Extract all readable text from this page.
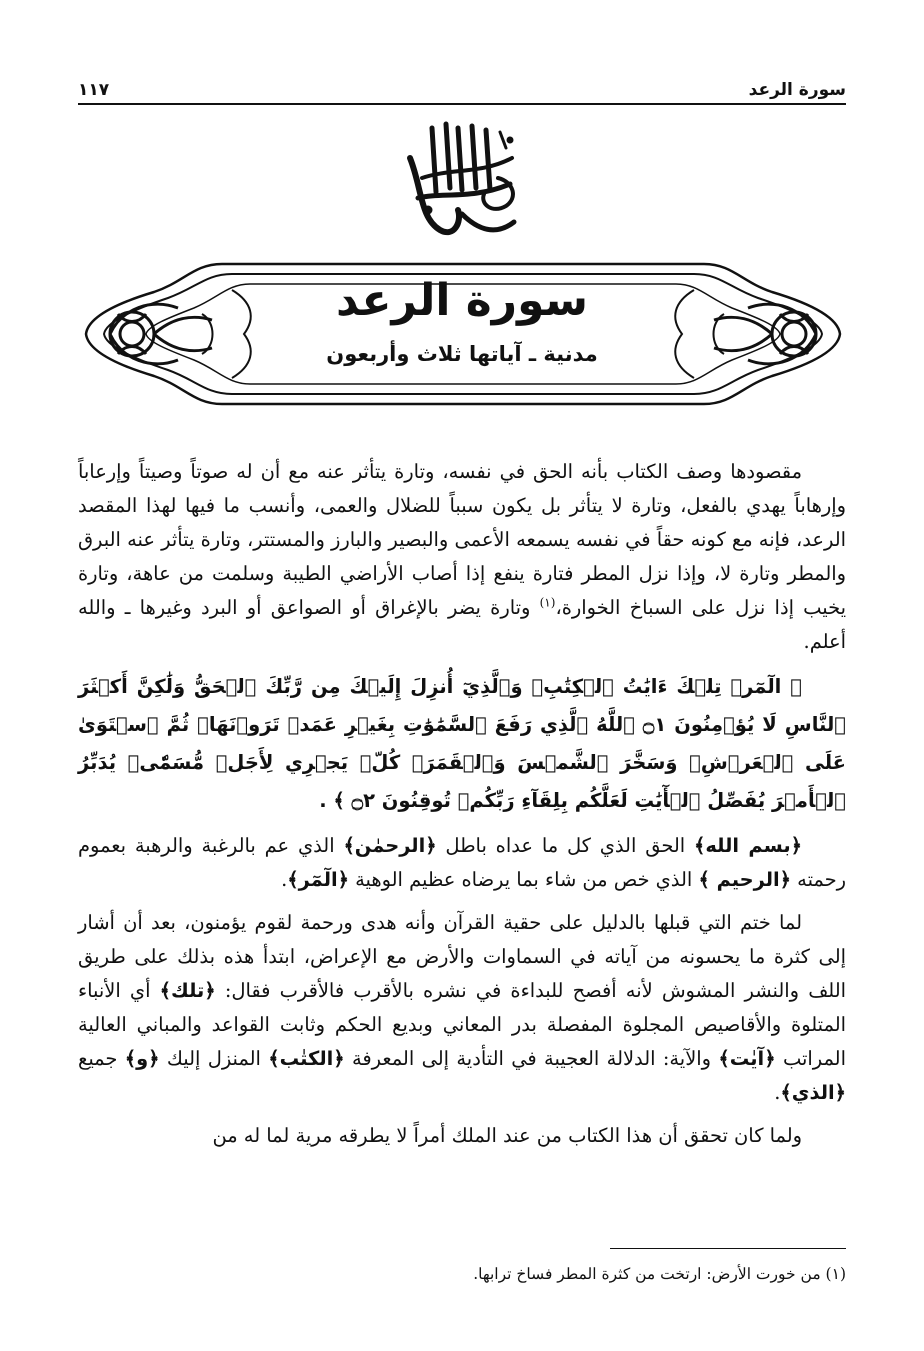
سورة الرعد
١١٧
سورة الرعد
مدنية ـ آياتها ثلاث وأربعون

مقصودها وصف الكتاب بأنه الحق في نفسه، وتارة يتأثر عنه مع أن له صوتاً وصيتاً وإرعاباً وإرهاباً يهدي بالفعل، وتارة لا يتأثر بل يكون سبباً للضلال والعمى، وأنسب ما فيها لهذا المقصد الرعد، فإنه مع كونه حقاً في نفسه يسمعه الأعمى والبصير والبارز والمستتر، وتارة يتأثر عنه البرق والمطر وتارة لا، وإذا نزل المطر فتارة ينفع إذا أصاب الأراضي الطيبة وسلمت من عاهة، وتارة يخيب إذا نزل على السباخ الخوارة،$^{(١)}$ وتارة يضر بالإغراق أو الصواعق أو البرد وغيرها ـ والله أعلم.

﴿ الٓمٓرۚ تِلۡكَ ءَايَٰتُ ٱلۡكِتَٰبِۗ وَٱلَّذِيٓ أُنزِلَ إِلَيۡكَ مِن رَّبِّكَ ٱلۡحَقُّ وَلَٰكِنَّ أَكۡثَرَ ٱلنَّاسِ لَا يُؤۡمِنُونَ ۝١ ٱللَّهُ ٱلَّذِي رَفَعَ ٱلسَّمَٰوَٰتِ بِغَيۡرِ عَمَدٖ تَرَوۡنَهَاۖ ثُمَّ ٱسۡتَوَىٰ عَلَى ٱلۡعَرۡشِۖ وَسَخَّرَ ٱلشَّمۡسَ وَٱلۡقَمَرَۖ كُلّٞ يَجۡرِي لِأَجَلٖ مُّسَمّٗىۚ يُدَبِّرُ ٱلۡأَمۡرَ يُفَصِّلُ ٱلۡأٓيَٰتِ لَعَلَّكُم بِلِقَآءِ رَبِّكُمۡ تُوقِنُونَ ۝٢ ﴾ .

﴿بسم الله﴾ الحق الذي كل ما عداه باطل ﴿الرحمٰن﴾ الذي عم بالرغبة والرهبة بعموم رحمته ﴿الرحيم ﴾ الذي خص من شاء بما يرضاه عظيم الوهية ﴿الٓمٓر﴾.

لما ختم التي قبلها بالدليل على حقية القرآن وأنه هدى ورحمة لقوم يؤمنون، بعد أن أشار إلى كثرة ما يحسونه من آياته في السماوات والأرض مع الإعراض، ابتدأ هذه بذلك على طريق اللف والنشر المشوش لأنه أفصح للبداءة في نشره بالأقرب فالأقرب فقال: ﴿تلك﴾ أي الأنباء المتلوة والأقاصيص المجلوة المفصلة بدر المعاني وبديع الحكم وثابت القواعد والمباني العالية المراتب ﴿آيٰت﴾ والآية: الدلالة العجيبة في التأدية إلى المعرفة ﴿الكتٰب﴾ المنزل إليك ﴿و﴾ جميع ﴿الذي﴾.

ولما كان تحقق أن هذا الكتاب من عند الملك أمراً لا يطرقه مرية لما له من

(١) من خورت الأرض: ارتخت من كثرة المطر فساخ ترابها.
